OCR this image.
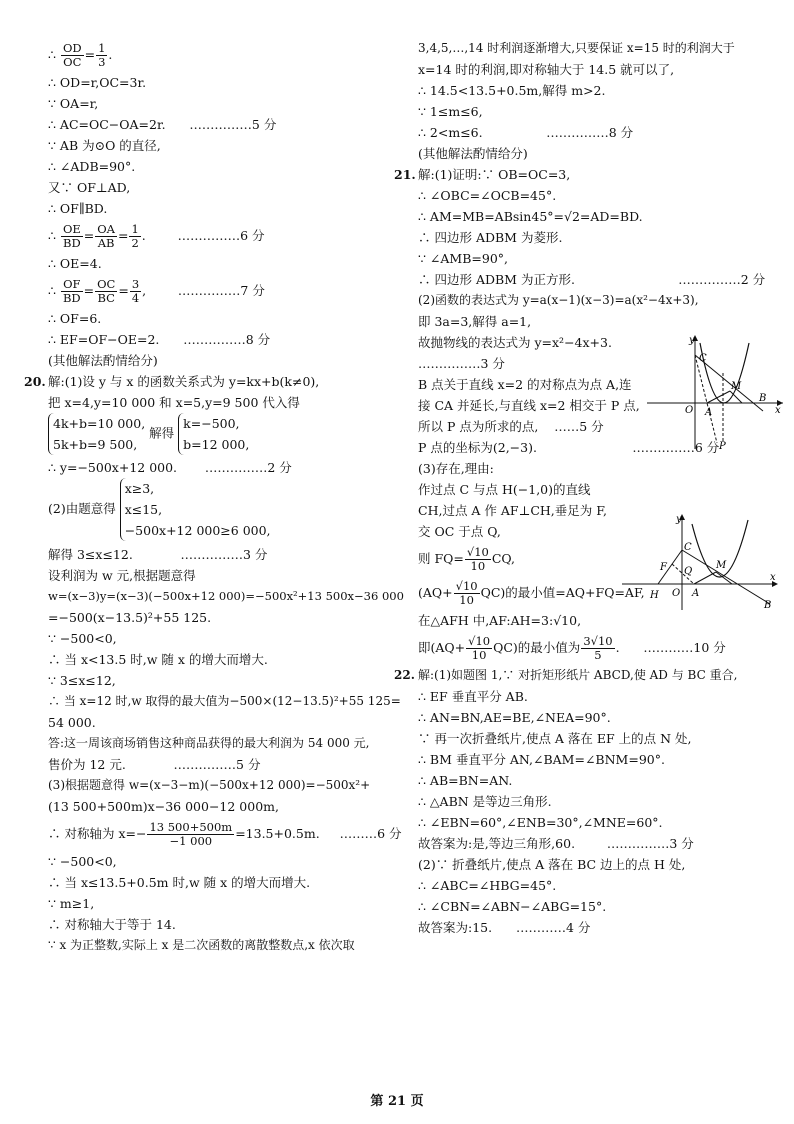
∴ $\frac{OD}{OC} = \frac{1}{3}$ .
∴ OD=r,OC=3r.
∵ OA=r,
∴ AC=OC−OA=2r. ……………5 分
∵ AB 为⊙O 的直径,
∴ ∠ADB=90°.
又∵ OF⊥AD,
∴ OF∥BD.
∴ $\frac{OE}{BD} = \frac{OA}{AB} = \frac{1}{2}$ .        ……………6 分
∴ OE=4.
∴ $\frac{OF}{BD} = \frac{OC}{BC} = \frac{3}{4}$ ,        ……………7 分
∴ OF=6.
∴ EF=OF−OE=2. ……………8 分
(其他解法酌情给分)
20. 解:(1)设 y 与 x 的函数关系式为 y=kx+b(k≠0),
把 x=4,y=10 000 和 x=5,y=9 500 代入得
4k+b=10 000,
5k+b=9 500,
解得
k=−500,
b=12 000,
∴ y=−500x+12 000. ……………2 分
(2)由题意得
x≥3,
x≤15,
−500x+12 000≥6 000,
解得 3≤x≤12.	……………3 分
设利润为 w 元,根据题意得
w=(x−3)y=(x−3)(−500x+12 000)=−500x²+13 500x−36 000
=−500(x−13.5)²+55 125.
∵ −500<0,
∴ 当 x<13.5 时,w 随 x 的增大而增大.
∵ 3≤x≤12,
∴ 当 x=12 时,w 取得的最大值为−500×(12−13.5)²+55 125=
54 000.
答:这一周该商场销售这种商品获得的最大利润为 54 000 元,
售价为 12 元.	……………5 分
(3)根据题意得 w=(x−3−m)(−500x+12 000)=−500x²+
(13 500+500m)x−36 000−12 000m,
∴ 对称轴为 $x=- \frac{13 500+500m}{-1 000} =13.5+0.5m$. ………6 分
∵ −500<0,
∴ 当 x≤13.5+0.5m 时,w 随 x 的增大而增大.
∵ m≥1,
∴ 对称轴大于等于 14.
∵ x 为正整数,实际上 x 是二次函数的离散整数点,x 依次取
3,4,5,…,14 时利润逐渐增大,只要保证 x=15 时的利润大于
x=14 时的利润,即对称轴大于 14.5 就可以了,
∴ 14.5<13.5+0.5m,解得 m>2.
∵ 1≤m≤6,
∴ 2<m≤6.	……………8 分
(其他解法酌情给分)
21. 解:(1)证明:∵ OB=OC=3,
∴ ∠OBC=∠OCB=45°.
∴ AM=MB=ABsin45°=√2=AD=BD.
∴ 四边形 ADBM 为菱形.
∵ ∠AMB=90°,
∴ 四边形 ADBM 为正方形.	……………2 分
(2)函数的表达式为 y=a(x−1)(x−3)=a(x²−4x+3),
即 3a=3,解得 a=1,
故抛物线的表达式为 y=x²−4x+3.
……………3 分
B 点关于直线 x=2 的对称点为点 A,连
接 CA 并延长,与直线 x=2 相交于 P 点,
所以 P 点为所求的点, ……5 分
P 点的坐标为(2,−3).	……………6 分
(3)存在,理由:
作过点 C 与点 H(−1,0)的直线
CH,过点 A 作 AF⊥CH,垂足为 F,
交 OC 于点 Q,
则 $FQ= \frac{√10}{10}$ CQ,
$(AQ+ \frac{√10}{10} QC)$的最小值=AQ+FQ=AF,
在△AFH 中,AF:AH=3:√10,
即$(AQ+ \frac{√10}{10} QC)$的最小值为 $\frac{3√10}{5}$ . …………10 分
22. 解:(1)如题图 1,∵ 对折矩形纸片 ABCD,使 AD 与 BC 重合,
∴ EF 垂直平分 AB.
∴ AN=BN,AE=BE,∠NEA=90°.
∵ 再一次折叠纸片,使点 A 落在 EF 上的点 N 处,
∴ BM 垂直平分 AN,∠BAM=∠BNM=90°.
∴ AB=BN=AN.
∴ △ABN 是等边三角形.
∴ ∠EBN=60°,∠ENB=30°,∠MNE=60°.
故答案为:是,等边三角形,60.	……………3 分
(2)∵ 折叠纸片,使点 A 落在 BC 边上的点 H 处,
∴ ∠ABC=∠HBG=45°.
∴ ∠CBN=∠ABN−∠ABG=15°.
故答案为:15. …………4 分
y
C
M
O A
B
x
P
y
C
F	M
Q
H O A
B
x
第 21 页
